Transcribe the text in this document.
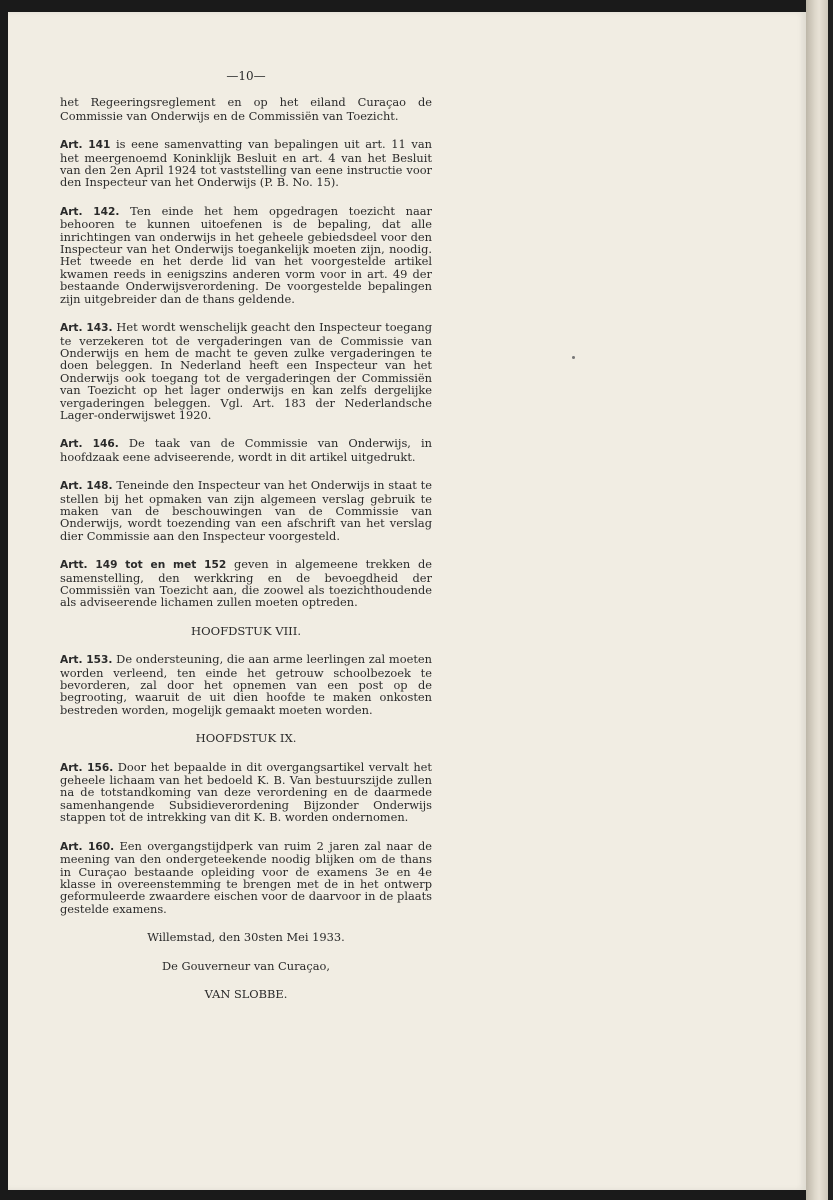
—10—

het Regeeringsreglement en op het eiland Curaçao de Commissie van Onderwijs en de Commissiën van Toezicht.

Art. 141 is eene samenvatting van bepalingen uit art. 11 van het meergenoemd Koninklijk Besluit en art. 4 van het Besluit van den 2en April 1924 tot vaststelling van eene instructie voor den Inspecteur van het Onderwijs (P. B. No. 15).

Art. 142. Ten einde het hem opgedragen toezicht naar behooren te kunnen uitoefenen is de bepaling, dat alle inrichtingen van onderwijs in het geheele gebiedsdeel voor den Inspecteur van het Onderwijs toegankelijk moeten zijn, noodig. Het tweede en het derde lid van het voorgestelde artikel kwamen reeds in eenigszins anderen vorm voor in art. 49 der bestaande Onderwijsverordening. De voorgestelde bepalingen zijn uitgebreider dan de thans geldende.

Art. 143. Het wordt wenschelijk geacht den Inspecteur toegang te verzekeren tot de vergaderingen van de Commissie van Onderwijs en hem de macht te geven zulke vergaderingen te doen beleggen. In Nederland heeft een Inspecteur van het Onderwijs ook toegang tot de vergaderingen der Commissiën van Toezicht op het lager onderwijs en kan zelfs dergelijke vergaderingen beleggen. Vgl. Art. 183 der Nederlandsche Lager-onderwijswet 1920.

Art. 146. De taak van de Commissie van Onderwijs, in hoofdzaak eene adviseerende, wordt in dit artikel uitgedrukt.

Art. 148. Teneinde den Inspecteur van het Onderwijs in staat te stellen bij het opmaken van zijn algemeen verslag gebruik te maken van de beschouwingen van de Commissie van Onderwijs, wordt toezending van een afschrift van het verslag dier Commissie aan den Inspecteur voorgesteld.

Artt. 149 tot en met 152 geven in algemeene trekken de samenstelling, den werkkring en de bevoegdheid der Commissiën van Toezicht aan, die zoowel als toezichthoudende als adviseerende lichamen zullen moeten optreden.

HOOFDSTUK VIII.

Art. 153. De ondersteuning, die aan arme leerlingen zal moeten worden verleend, ten einde het getrouw schoolbezoek te bevorderen, zal door het opnemen van een post op de begrooting, waaruit de uit dien hoofde te maken onkosten bestreden worden, mogelijk gemaakt moeten worden.

HOOFDSTUK IX.

Art. 156. Door het bepaalde in dit overgangsartikel vervalt het geheele lichaam van het bedoeld K. B. Van bestuurszijde zullen na de totstandkoming van deze verordening en de daarmede samenhangende Subsidieverordening Bijzonder Onderwijs stappen tot de intrekking van dit K. B. worden ondernomen.

Art. 160. Een overgangstijdperk van ruim 2 jaren zal naar de meening van den ondergeteekende noodig blijken om de thans in Curaçao bestaande opleiding voor de examens 3e en 4e klasse in overeenstemming te brengen met de in het ontwerp geformuleerde zwaardere eischen voor de daarvoor in de plaats gestelde examens.

Willemstad, den 30sten Mei 1933.
De Gouverneur van Curaçao,
VAN SLOBBE.
